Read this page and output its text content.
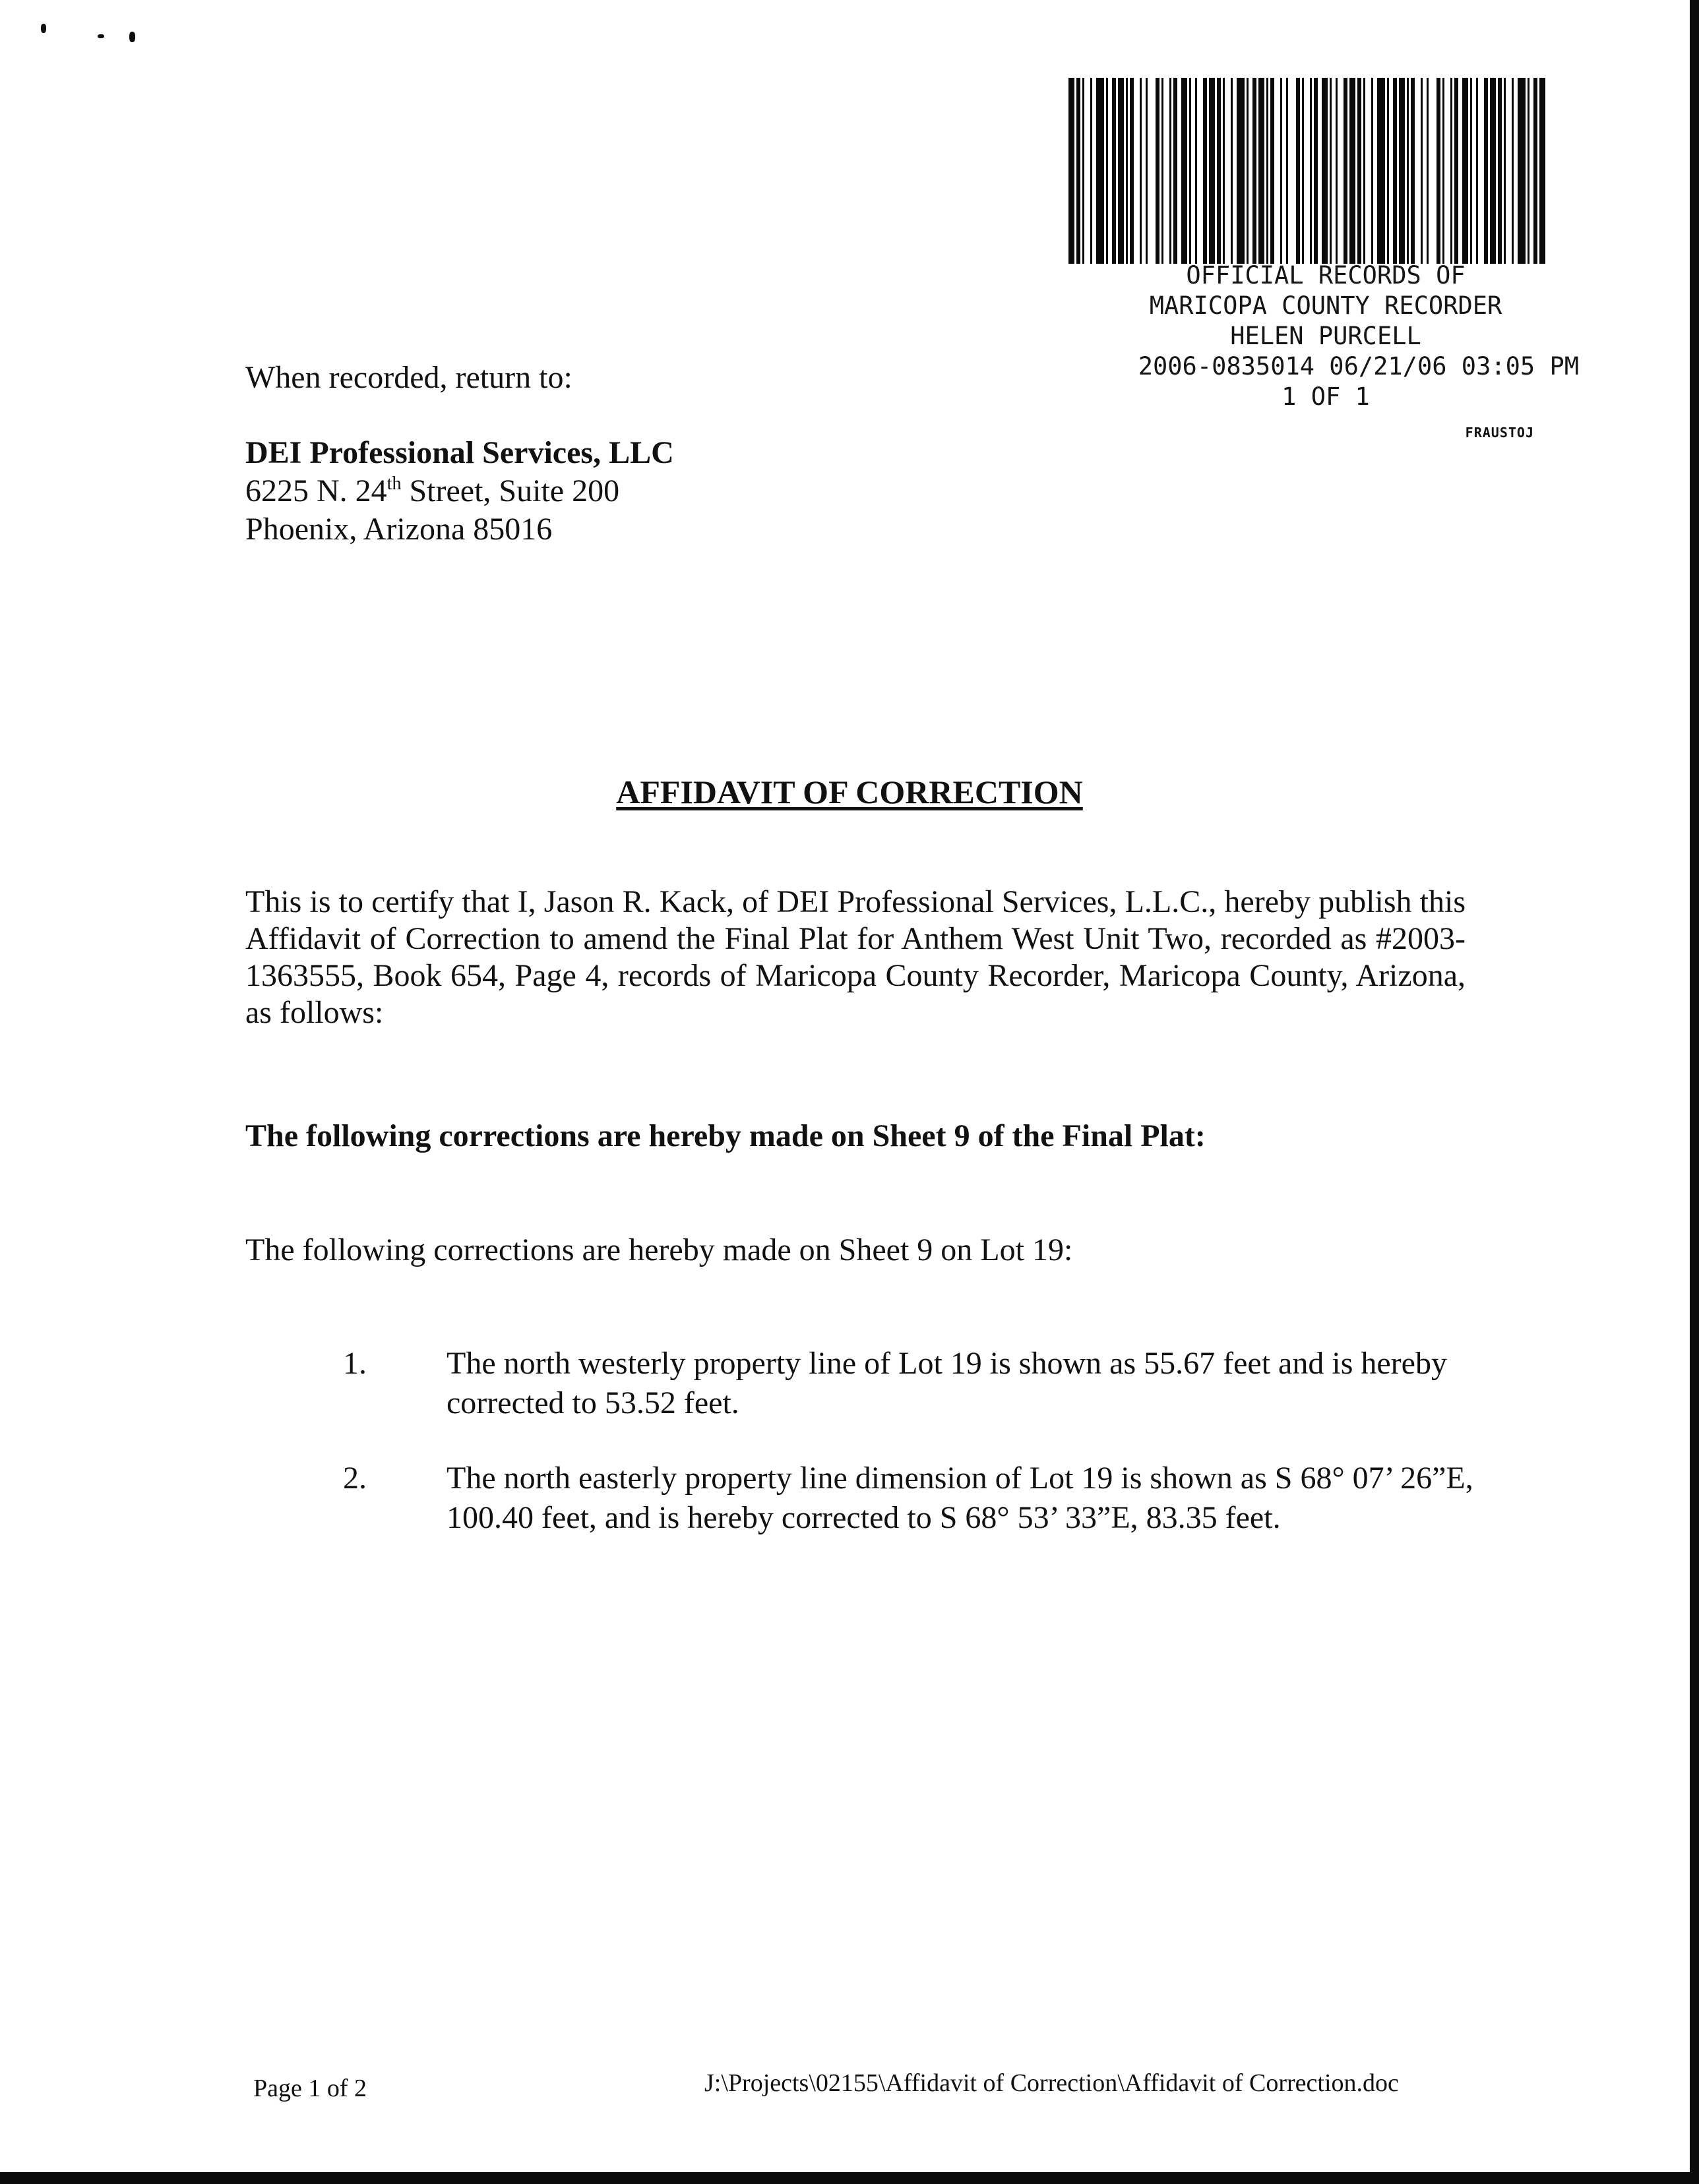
OFFICIAL RECORDS OF
MARICOPA COUNTY RECORDER
HELEN PURCELL
2006-0835014 06/21/06 03:05 PM
1 OF 1
FRAUSTOJ
When recorded, return to:
DEI Professional Services, LLC
6225 N. 24th Street, Suite 200
Phoenix, Arizona 85016
AFFIDAVIT OF CORRECTION
This is to certify that I, Jason R. Kack, of DEI Professional Services, L.L.C., hereby publish this Affidavit of Correction to amend the Final Plat for Anthem West Unit Two, recorded as #2003-1363555, Book 654, Page 4, records of Maricopa County Recorder, Maricopa County, Arizona, as follows:
The following corrections are hereby made on Sheet 9 of the Final Plat:
The following corrections are hereby made on Sheet 9 on Lot 19:
1.	The north westerly property line of Lot 19 is shown as 55.67 feet and is hereby corrected to 53.52 feet.
2.	The north easterly property line dimension of Lot 19 is shown as S 68° 07’ 26”E, 100.40 feet, and is hereby corrected to S 68° 53’ 33”E, 83.35 feet.
Page 1 of 2	J:\Projects\02155\Affidavit of Correction\Affidavit of Correction.doc
